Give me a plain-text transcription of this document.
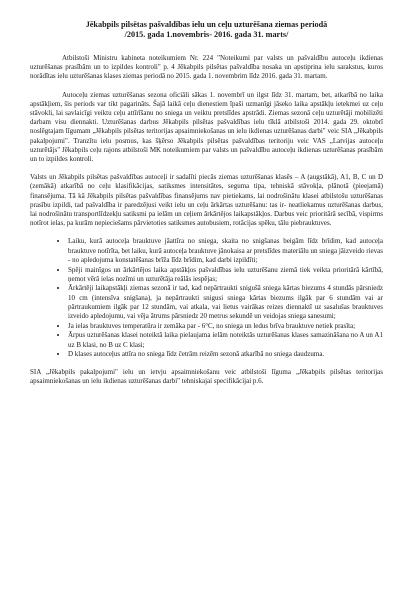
Jēkabpils pilsētas pašvaldības ielu un ceļu uzturēšana ziemas periodā
/2015. gada 1.novembris- 2016. gada 31. marts/

Atbilstoši Ministru kabineta noteikumiem Nr. 224 "Noteikumi par valsts un pašvaldību autoceļu ikdienas uzturēšanas prasībām un to izpildes kontroli" p. 4 Jēkabpils pilsētas pašvaldība nosaka un apstiprina ielu sarakstus, kuros norādītas ielu uzturēšanas klases ziemas periodā no 2015. gada 1. novembrim līdz 2016. gada 31. martam.

Autoceļu ziemas uzturēšanas sezona oficiāli sākas 1. novembrī un ilgst līdz 31. martam, bet, atkarībā no laika apstākļiem, šis periods var tikt pagarināts. Šajā laikā ceļu dienestiem īpaši uzmanīgi jāseko laika apstākļu ietekmei uz ceļu stāvokli, lai savlaicīgi veiktu ceļu attīrīšanu no sniega un veiktu pretslīdes apstrādi. Ziemas sezonā ceļu uzturētāji mobilizēti darbam visu diennakti. Uzturēšanas darbus Jēkabpils pilsētas pašvaldības ielu tīklā atbilstoši 2014. gada 29. oktobrī noslēgtajam līgumam „Jēkabpils pilsētas teritorijas apsaimniekošanas un ielu ikdienas uzturēšanas darbi" veic SIA „Jēkabpils pakalpojumi". Tranzītu ielu posmus, kas šķērso Jēkabpils pilsētas pašvaldības teritoriju veic VAS „Latvijas autoceļu uzturētājs" Jēkabpils ceļu rajons atbilstoši MK noteikumiem par valsts un pašvaldību autoceļu ikdienas uzturēšanas prasībām un to izpildes kontroli.

Valsts un Jēkabpils pilsētas pašvaldības autoceļi ir sadalīti piecās ziemas uzturēšanas klasēs – A (augstākā), A1, B, C un D (zemākā) atkarībā no ceļu klasifikācijas, satiksmes intensitātes, seguma tipa, tehniskā stāvokļa, plānotā (pieejamā) finansējuma. Tā kā Jēkabpils pilsētas pašvaldības finansējums nav pietiekams, lai nodrošinātu klasei atbilstošu uzturēšanas prasību izpildi, tad pašvaldība ir paredzējusi veikt ielu un ceļu ārkārtas uzturēšanu: tas ir- neatliekamus uzturēšanas darbus, lai nodrošinātu transportlīdzekļu satiksmi pa ielām un ceļiem ārkārtējos laikapstākļos. Darbus veic prioritārā secībā, vispirms notīrot ielas, pa kurām nepieciešams pārvietoties satiksmes autobusiem, rotācijas spēku, tālu piebrauktuves.

• Laiku, kurā autoceļa brauktuve jāattīra no sniega, skaita no snigšanas beigām līdz brīdim, kad autoceļa brauktuve notīrīta, bet laiku, kurā autoceļa brauktuve jānokaisa ar pretslīdes materiālu un sniega jāizveido rievas - no apledojuma konstatēšanas brīža līdz brīdim, kad darbi izpildīti;
• Spēji mainīgos un ārkārtējos laika apstākļos pašvaldības ielu uzturēšanu ziemā tiek veikta prioritārā kārtībā, ņemot vērā ielas nozīmi un uzturētāja reālās iespējas;
• Ārkārtēji laikapstākļi ziemas sezonā ir tad, kad nepārtraukti snigušā sniega kārtas biezums 4 stundās pārsniedz 10 cm (intensīva snigšana), ja nepārtraukti snigusi sniega kārtas biezums ilgāk par 6 stundām vai ar pārtraukumiem ilgāk par 12 stundām, vai atkala, vai lietus vairākas reizes diennaktī uz sasalušas brauktuves izveido apledojumu, vai vēja ātrums pārsniedz 20 metrus sekundē un veidojas sniega sanesumi;
• Ja ielas brauktuves temperatūra ir zemāka par - 6°C, no sniega un ledus brīva brauktuve netiek prasīta;
• Ārpus uzturēšanas klasei noteiktā laika pielaujama ielām noteiktās uzturēšanas klases samazināšana no A un A1 uz B klasi, no B uz C klasi;
• D klases autoceļus attīra no sniega līdz četrām reizēm sezonā atkarībā no sniega daudzuma.

SIA „Jēkabpils pakalpojumi" ielu un ietvju apsaimniekošanu veic atbilstoši līguma „Jēkabpils pilsētas teritorijas apsaimniekošanas un ielu ikdienas uzturēšanas darbi" tehniskajai specifikācijai p.6.
